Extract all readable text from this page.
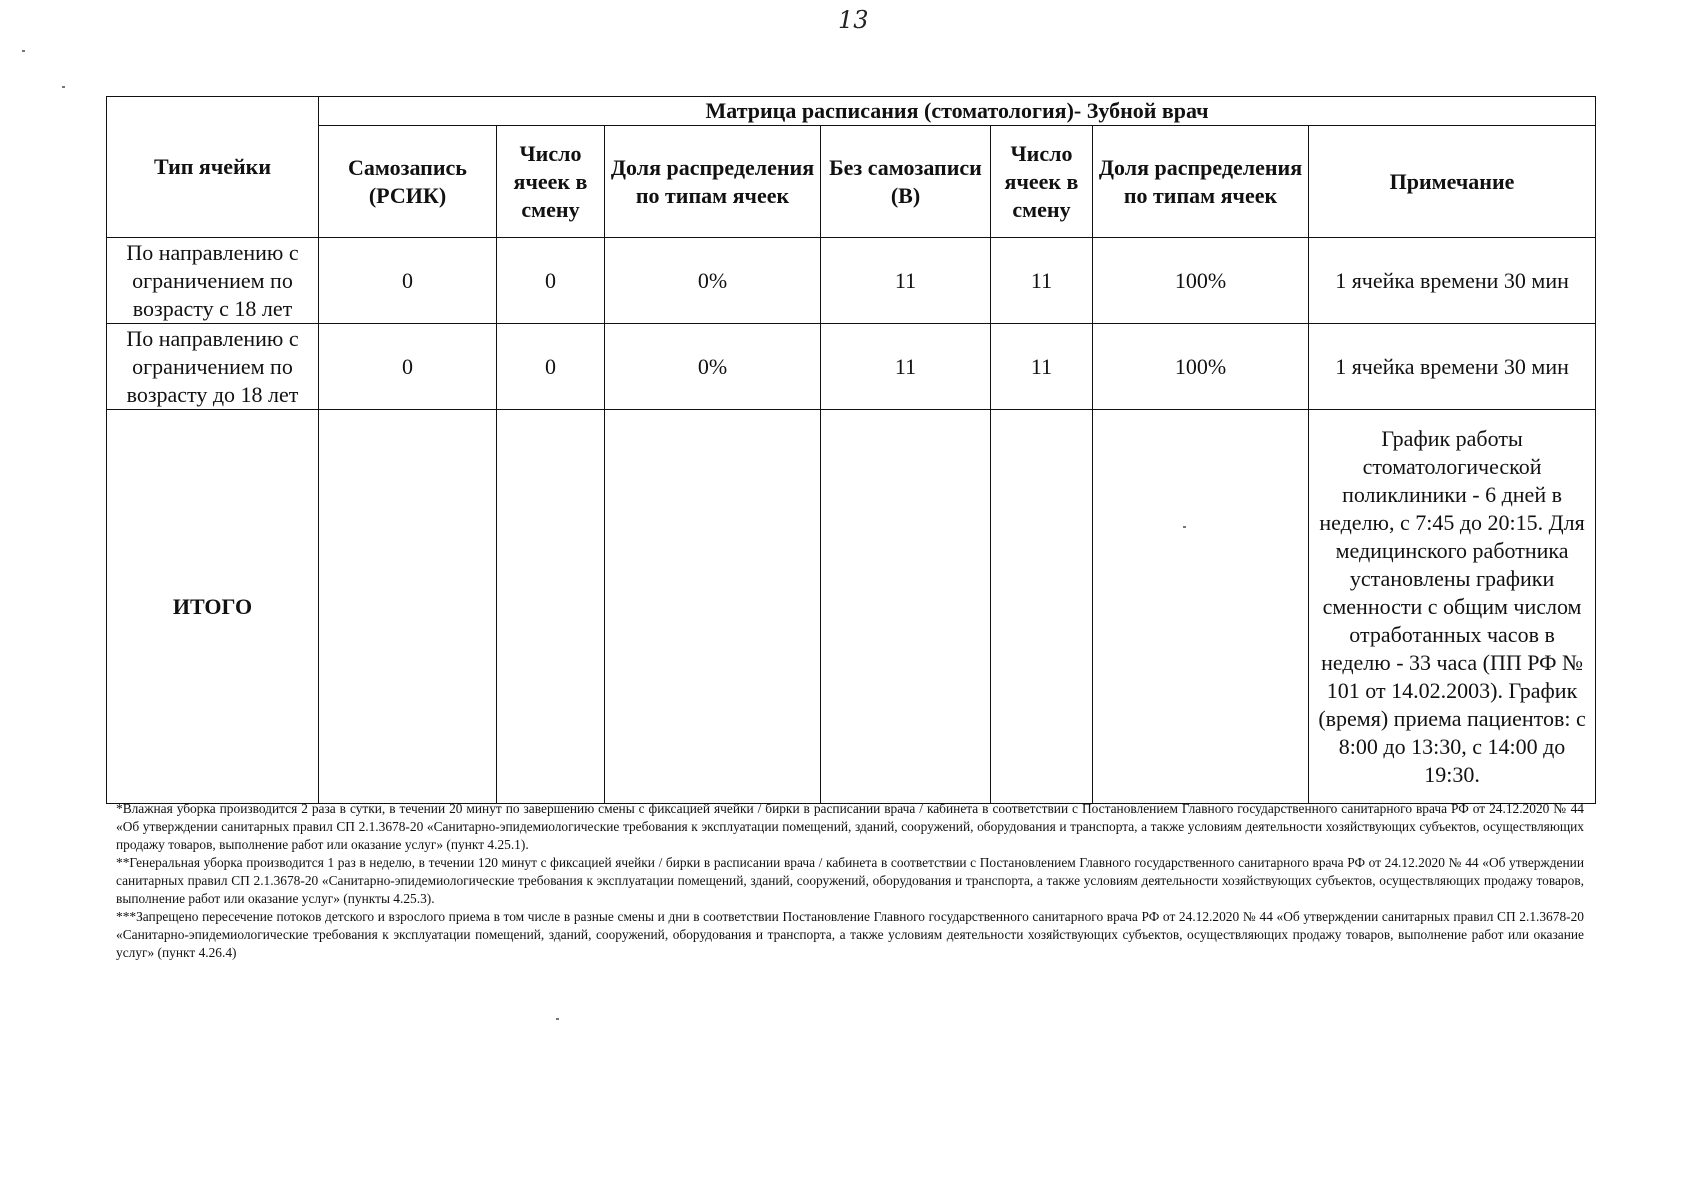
13
Тип ячейки	Матрица расписания (стоматология)- Зубной врач						
	Самозапись (РСИК)	Число ячеек в смену	Доля распределения по типам ячеек	Без самозаписи (В)	Число ячеек в смену	Доля распределения по типам ячеек	Примечание
По направлению с ограничением по возрасту с 18 лет	0	0	0%	11	11	100%	1 ячейка времени 30 мин
По направлению с ограничением по возрасту до 18 лет	0	0	0%	11	11	100%	1 ячейка времени 30 мин
ИТОГО							График работы стоматологической поликлиники - 6 дней в неделю, с 7:45 до 20:15. Для медицинского работника установлены графики сменности с общим числом отработанных часов в неделю - 33 часа (ПП РФ № 101 от 14.02.2003). График (время) приема пациентов: с 8:00 до 13:30, с 14:00 до 19:30.

*Влажная уборка производится 2 раза в сутки, в течении 20 минут по завершению смены с фиксацией ячейки / бирки в расписании врача / кабинета в соответствии с Постановлением Главного государственного санитарного врача РФ от 24.12.2020 № 44 «Об утверждении санитарных правил СП 2.1.3678-20 «Санитарно-эпидемиологические требования к эксплуатации помещений, зданий, сооружений, оборудования и транспорта, а также условиям деятельности хозяйствующих субъектов, осуществляющих продажу товаров, выполнение работ или оказание услуг» (пункт 4.25.1).

**Генеральная уборка производится 1 раз в неделю, в течении 120 минут с фиксацией ячейки / бирки в расписании врача / кабинета в соответствии с Постановлением Главного государственного санитарного врача РФ от 24.12.2020 № 44 «Об утверждении санитарных правил СП 2.1.3678-20 «Санитарно-эпидемиологические требования к эксплуатации помещений, зданий, сооружений, оборудования и транспорта, а также условиям деятельности хозяйствующих субъектов, осуществляющих продажу товаров, выполнение работ или оказание услуг» (пункты 4.25.3).

***Запрещено пересечение потоков детского и взрослого приема в том числе в разные смены и дни в соответствии Постановление Главного государственного санитарного врача РФ от 24.12.2020 № 44 «Об утверждении санитарных правил СП 2.1.3678-20 «Санитарно-эпидемиологические требования к эксплуатации помещений, зданий, сооружений, оборудования и транспорта, а также условиям деятельности хозяйствующих субъектов, осуществляющих продажу товаров, выполнение работ или оказание услуг» (пункт 4.26.4)
